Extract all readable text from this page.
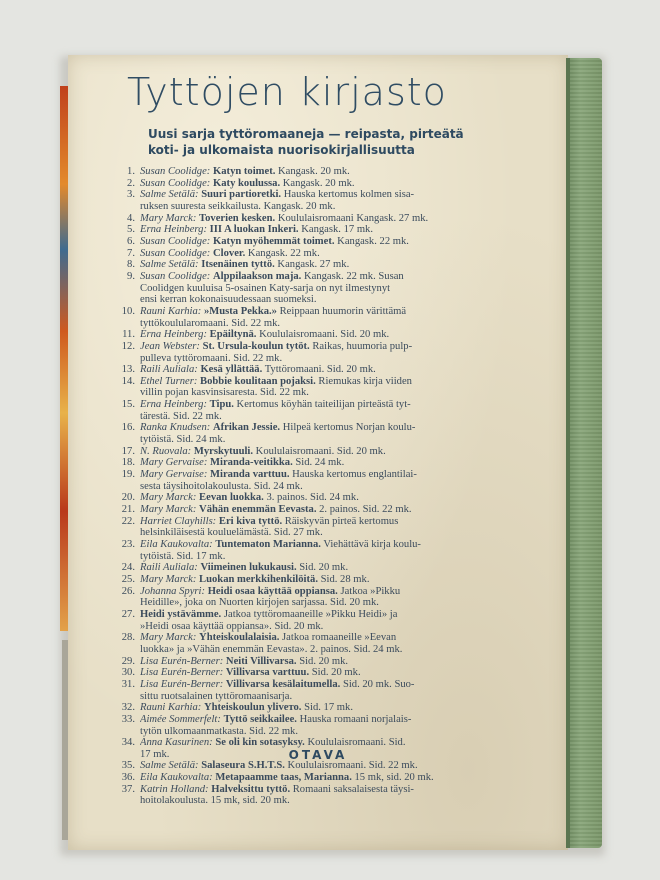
Tyttöjen kirjasto
Uusi sarja tyttöromaaneja — reipasta, pirteätä
koti- ja ulkomaista nuorisokirjallisuutta
1. Susan Coolidge: Katyn toimet. Kangask. 20 mk.
2. Susan Coolidge: Katy koulussa. Kangask. 20 mk.
3. Salme Setälä: Suuri partioretki. Hauska kertomus kolmen sisa-
ruksen suuresta seikkailusta. Kangask. 20 mk.
4. Mary Marck: Toverien kesken. Koululaisromaani Kangask. 27 mk.
5. Erna Heinberg: III A luokan Inkeri. Kangask. 17 mk.
6. Susan Coolidge: Katyn myöhemmät toimet. Kangask. 22 mk.
7. Susan Coolidge: Clover. Kangask. 22 mk.
8. Salme Setälä: Itsenäinen tyttö. Kangask. 27 mk.
9. Susan Coolidge: Alppilaakson maja. Kangask. 22 mk. Susan
Coolidgen kuuluisa 5-osainen Katy-sarja on nyt ilmestynyt
ensi kerran kokonaisuudessaan suomeksi.
10. Rauni Karhia: »Musta Pekka.» Reippaan huumorin värittämä
tyttökoulularomaani. Sid. 22 mk.
11. Erna Heinberg: Epäiltynä. Koululaisromaani. Sid. 20 mk.
12. Jean Webster: St. Ursula-koulun tytöt. Raikas, huumoria pulp-
pulleva tyttöromaani. Sid. 22 mk.
13. Raili Auliala: Kesä yllättää. Tyttöromaani. Sid. 20 mk.
14. Ethel Turner: Bobbie koulitaan pojaksi. Riemukas kirja viiden
villin pojan kasvinsisaresta. Sid. 22 mk.
15. Erna Heinberg: Tipu. Kertomus köyhän taiteilijan pirteästä tyt-
tärestä. Sid. 22 mk.
16. Ranka Knudsen: Afrikan Jessie. Hilpeä kertomus Norjan koulu-
tytöistä. Sid. 24 mk.
17. N. Ruovala: Myrskytuuli. Koululaisromaani. Sid. 20 mk.
18. Mary Gervaise: Miranda-veitikka. Sid. 24 mk.
19. Mary Gervaise: Miranda varttuu. Hauska kertomus englantilai-
sesta täysihoitolakoulusta. Sid. 24 mk.
20. Mary Marck: Eevan luokka. 3. painos. Sid. 24 mk.
21. Mary Marck: Vähän enemmän Eevasta. 2. painos. Sid. 22 mk.
22. Harriet Clayhills: Eri kiva tyttö. Räiskyvän pirteä kertomus
helsinkiläisestä kouluelämästä. Sid. 27 mk.
23. Eila Kaukovalta: Tuntematon Marianna. Viehättävä kirja koulu-
tytöistä. Sid. 17 mk.
24. Raili Auliala: Viimeinen lukukausi. Sid. 20 mk.
25. Mary Marck: Luokan merkkihenkilöitä. Sid. 28 mk.
26. Johanna Spyri: Heidi osaa käyttää oppiansa. Jatkoa »Pikku
Heidille», joka on Nuorten kirjojen sarjassa. Sid. 20 mk.
27. Heidi ystävämme. Jatkoa tyttöromaaneille »Pikku Heidi» ja
»Heidi osaa käyttää oppiansa». Sid. 20 mk.
28. Mary Marck: Yhteiskoulalaisia. Jatkoa romaaneille »Eevan
luokka» ja »Vähän enemmän Eevasta». 2. painos. Sid. 24 mk.
29. Lisa Eurén-Berner: Neiti Villivarsa. Sid. 20 mk.
30. Lisa Eurén-Berner: Villivarsa varttuu. Sid. 20 mk.
31. Lisa Eurén-Berner: Villivarsa kesälaitumella. Sid. 20 mk. Suo-
sittu ruotsalainen tyttöromaanisarja.
32. Rauni Karhia: Yhteiskoulun ylivето. Sid. 17 mk.
33. Aimée Sommerfelt: Tyttö seikkailee. Hauska romaani norjalais-
tytön ulkomaanmatkasta. Sid. 22 mk.
34. Anna Kasurinen: Se oli kin sotasyksy. Koululaisromaani. Sid.
17 mk.
35. Salme Setälä: Salaseura S.H.T.S. Koululaisromaani. Sid. 22 mk.
36. Eila Kaukovalta: Metapaamme taas, Marianna. 15 mk, sid. 20 mk.
37. Katrin Holland: Halveksittu tyttö. Romaani saksalaisesta täysi-
hoitolakoulusta. 15 mk, sid. 20 mk.
OTAVA
